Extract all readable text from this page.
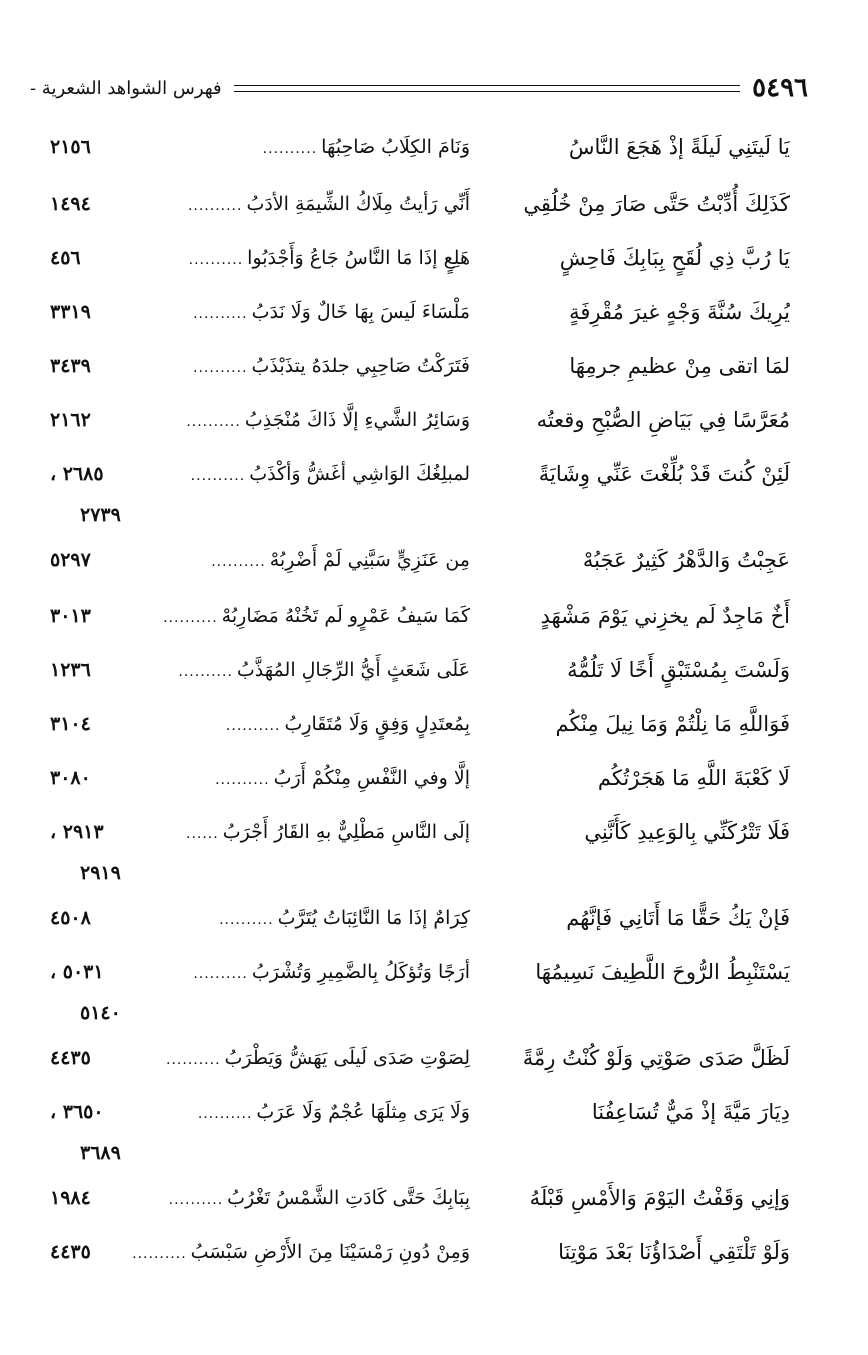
٥٤٩٦
فهرس الشواهد الشعرية -
يَا لَيتَنِي لَيلَةً إذْ هَجَعَ النَّاسُ
وَنَامَ الكِلَابُ صَاحِبُهَا
..........
٢١٥٦
كَذَلِكَ أُدِّبْتُ حَتَّى صَارَ مِنْ خُلُقِي
أَنِّي رَأيتُ مِلَاكُ الشِّيمَةِ الأدَبُ
..........
١٤٩٤
يَا رُبَّ ذِي لُقَحٍ بِبَابِكَ فَاحِشٍ
هَلِعٍ إذَا مَا النَّاسُ جَاعُ وَأَجْدَبُوا
..........
٤٥٦
يُرِيكَ سُنَّةَ وَجْهٍ غيرَ مُقْرِفَةٍ
مَلْسَاءَ لَيسَ بِهَا خَالٌ وَلَا نَدَبُ
..........
٣٣١٩
لمَا اتقى مِنْ عظيمِ جرمِهَا
فَتَرَكْتُ صَاحِبِي جلدَهُ يتذَبْذَبُ
..........
٣٤٣٩
مُعَرَّسًا فِي بَيَاضِ الصُّبْحِ وقعتُه
وَسَائِرُ الشَّيءِ إلَّا ذَاكَ مُنْجَذِبُ
..........
٢١٦٢
لَئِنْ كُنتَ قَدْ بُلِّغْتَ عَنِّي وِشَايَةً
لمبلِغُكَ الوَاشِي أغَشُّ وَأكْذَبُ
..........
٢٦٨٥ ،
٢٧٣٩
عَجِبْتُ وَالدَّهْرُ كَثِيرٌ عَجَبُهْ
مِن عَنَزِيٍّ سَبَّنِي لَمْ أَضْرِبُهْ
..........
٥٢٩٧
أَخٌ مَاجِدٌ لَم يخزِني يَوْمَ مَشْهَدٍ
كَمَا سَيفُ عَمْرٍو لَم تَخُنْهُ مَضَارِبُهْ
..........
٣٠١٣
وَلَسْتَ بِمُسْتَبْقٍ أَخًا لَا تَلُمُّهُ
عَلَى شَعَثٍ أَيُّ الرِّجَالِ المُهَذَّبُ
..........
١٢٣٦
فَوَاللَّهِ مَا نِلْتُمْ وَمَا نِيلَ مِنْكُم
بِمُعتَدِلٍ وَفِقٍ وَلَا مُتَقَارِبُ
..........
٣١٠٤
لَا كَعْبَةَ اللَّهِ مَا هَجَرْتُكُم
إلَّا وفي النَّفْسِ مِنْكُمْ أَرَبُ
..........
٣٠٨٠
فَلَا تَتْرُكَنِّي بِالوَعِيدِ كَأَنَّنِي
إلَى النَّاسِ مَطْلِيٌّ بهِ القَارُ أَجْرَبُ
......
٢٩١٣ ،
٢٩١٩
فَإنْ يَكُ حَقًّا مَا أَتَانِي فَإنَّهُم
كِرَامٌ إذَا مَا النَّائِبَاتُ يُتَرَّبُ
..........
٤٥٠٨
يَسْتَنْبِطُ الرُّوحَ اللَّطِيفَ نَسِيمُهَا
أرَجًا وَتُؤكَلُ بِالضَّمِيرِ وَتُشْرَبُ
..........
٥٠٣١ ،
٥١٤٠
لَظَلَّ صَدَى صَوْتِي وَلَوْ كُنْتُ رِمَّةً
لِصَوْتِ صَدَى لَيلَى يَهَشُّ وَيَطْرَبُ
..........
٤٤٣٥
دِيَارَ مَيَّةَ إذْ مَيٌّ تُسَاعِفُنَا
وَلَا يَرَى مِثلَهَا عُجْمٌ وَلَا عَرَبُ
..........
٣٦٥٠ ،
٣٦٨٩
وَإنِي وَقَفْتُ اليَوْمَ وَالأَمْسِ قَبْلَهُ
بِبَابِكَ حَتَّى كَادَتِ الشَّمْسُ تَغْرُبُ
..........
١٩٨٤
وَلَوْ تَلْتَقِي أَصْدَاؤُنَا بَعْدَ مَوْتِنَا
وَمِنْ دُونِ رَمْسَيْنَا مِنَ الأَرْضِ سَبْسَبُ
..........
٤٤٣٥
